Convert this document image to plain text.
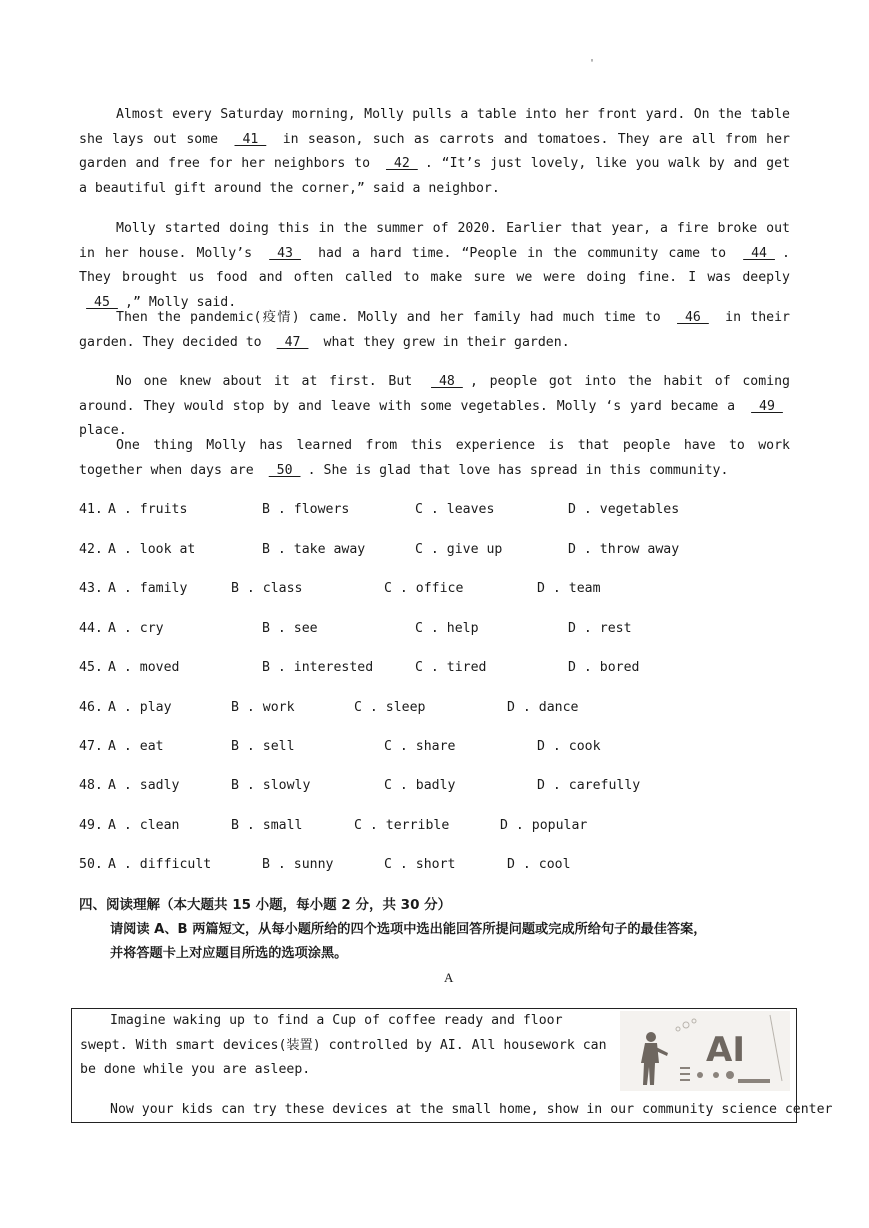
'

Almost every Saturday morning, Molly pulls a table into her front yard. On the table she lays out some  41  in season, such as carrots and tomatoes. They are all from her garden and free for her neighbors to  42 . “It’s just lovely, like you walk by and get a beautiful gift around the corner,” said a neighbor.

Molly started doing this in the summer of 2020. Earlier that year, a fire broke out in her house. Molly’s  43  had a hard time. “People in the community came to  44 . They brought us food and often called to make sure we were doing fine. I was deeply  45 ,” Molly said.

Then the pandemic(疫情) came. Molly and her family had much time to  46  in their garden. They decided to  47  what they grew in their garden.

No one knew about it at first. But  48 , people got into the habit of coming around. They would stop by and leave with some vegetables. Molly ‘s yard became a  49  place.

One thing Molly has learned from this experience is that people have to work together when days are  50 . She is glad that love has spread in this community.

41.

A . fruits

	B . flowers

	C . leaves

	D . vegetables

42.

A . look at

	B . take away

	C . give up

	D . throw away

43.

A . family

	B . class

	C . office

	D . team

44.

A . cry

	B . see

	C . help

	D . rest

45.

A . moved

	B . interested

	C . tired

	D . bored

46.

A . play

	B . work

	C . sleep

	D . dance

47.

A . eat

	B . sell

	C . share

	D . cook

48.

A . sadly

	B . slowly

	C . badly

	D . carefully

49.

A . clean

	B . small

	C . terrible

	D . popular

50.

A . difficult

	B . sunny

	C . short

	D . cool

四、阅读理解（本大题共 15 小题，每小题 2 分，共 30 分）
请阅读 A、B 两篇短文，从每小题所给的四个选项中选出能回答所提问题或完成所给句子的最佳答案，
并将答题卡上对应题目所选的选项涂黑。
A

Imagine waking up to find a Cup of coffee ready and floor swept. With smart devices(装置) controlled by AI. All housework can be done while you are asleep.

Now your kids can try these devices at the small home, show in our community science center

AI
